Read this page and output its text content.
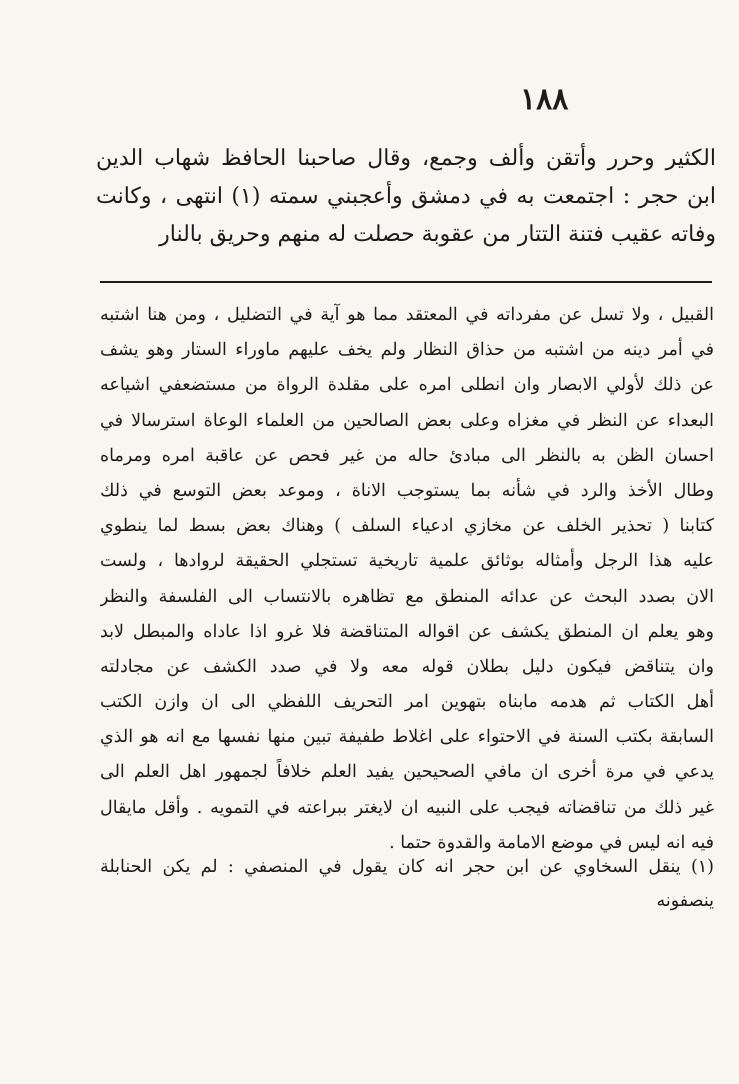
١٨٨
الكثير وحرر وأتقن وألف وجمع، وقال صاحبنا الحافظ شهاب الدين
ابن حجر : اجتمعت به في دمشق وأعجبني سمته (١) انتهى ، وكانت
وفاته عقيب فتنة التتار من عقوبة حصلت له منهم وحريق بالنار
القبيل ، ولا تسل عن مفرداته في المعتقد مما هو آية في التضليل ، ومن هنا اشتبه
في أمر دينه من اشتبه من حذاق النظار ولم يخف عليهم ماوراء الستار وهو يشف
عن ذلك لأولي الابصار وان انطلى امره على مقلدة الرواة من مستضعفي اشياعه
البعداء عن النظر في مغزاه وعلى بعض الصالحين من العلماء الوعاة استرسالا في
احسان الظن به بالنظر الى مبادئ حاله من غير فحص عن عاقبة امره ومرماه
وطال الأخذ والرد في شأنه بما يستوجب الاناة ، وموعد بعض التوسع في ذلك
كتابنا ( تحذير الخلف عن مخازي ادعياء السلف ) وهناك بعض بسط لما ينطوي
عليه هذا الرجل وأمثاله بوثائق علمية تاريخية تستجلي الحقيقة لروادها ، ولست
الان بصدد البحث عن عدائه المنطق مع تظاهره بالانتساب الى الفلسفة والنظر
وهو يعلم ان المنطق يكشف عن اقواله المتناقضة فلا غرو اذا عاداه والمبطل لابد
وان يتناقض فيكون دليل بطلان قوله معه ولا في صدد الكشف عن مجادلته
أهل الكتاب ثم هدمه مابناه بتهوين امر التحريف اللفظي الى ان وازن الكتب
السابقة بكتب السنة في الاحتواء على اغلاط طفيفة تبين منها نفسها مع انه هو الذي
يدعي في مرة أخرى ان مافي الصحيحين يفيد العلم خلافاً لجمهور اهل العلم الى
غير ذلك من تناقضاته فيجب على النبيه ان لايغتر ببراعته في التمويه . وأقل مايقال
فيه انه ليس في موضع الامامة والقدوة حتما .
(١) ينقل السخاوي عن ابن حجر انه كان يقول في المنصفي : لم يكن الحنابلة
ينصفونه
